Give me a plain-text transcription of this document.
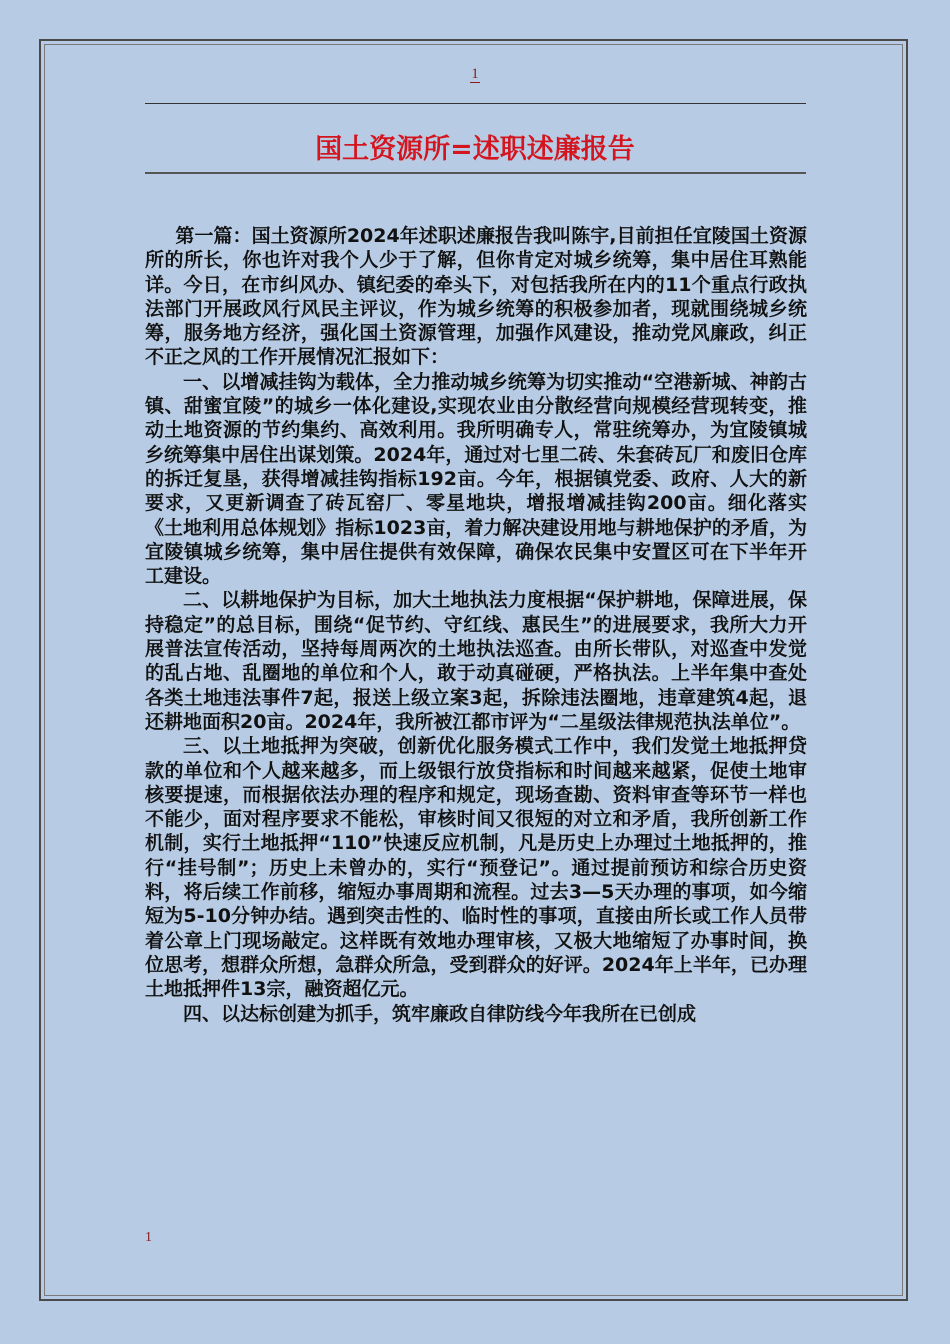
1
国土资源所=述职述廉报告

第一篇：国土资源所2024年述职述廉报告我叫陈宇,目前担任宜陵国土资源所的所长，你也许对我个人少于了解，但你肯定对城乡统筹，集中居住耳熟能详。今日，在市纠风办、镇纪委的牵头下，对包括我所在内的11个重点行政执法部门开展政风行风民主评议，作为城乡统筹的积极参加者，现就围绕城乡统筹，服务地方经济，强化国土资源管理，加强作风建设，推动党风廉政，纠正不正之风的工作开展情况汇报如下：

一、以增减挂钩为载体，全力推动城乡统筹为切实推动“空港新城、神韵古镇、甜蜜宜陵”的城乡一体化建设,实现农业由分散经营向规模经营现转变，推动土地资源的节约集约、高效利用。我所明确专人，常驻统筹办，为宜陵镇城乡统筹集中居住出谋划策。2024年，通过对七里二砖、朱套砖瓦厂和废旧仓库的拆迁复垦，获得增减挂钩指标192亩。今年，根据镇党委、政府、人大的新要求，又更新调查了砖瓦窑厂、零星地块，增报增减挂钩200亩。细化落实《土地利用总体规划》指标1023亩，着力解决建设用地与耕地保护的矛盾，为宜陵镇城乡统筹，集中居住提供有效保障，确保农民集中安置区可在下半年开工建设。

二、以耕地保护为目标，加大土地执法力度根据“保护耕地，保障进展，保持稳定”的总目标，围绕“促节约、守红线、惠民生”的进展要求，我所大力开展普法宣传活动，坚持每周两次的土地执法巡查。由所长带队，对巡查中发觉的乱占地、乱圈地的单位和个人，敢于动真碰硬，严格执法。上半年集中查处各类土地违法事件7起，报送上级立案3起，拆除违法圈地，违章建筑4起，退还耕地面积20亩。2024年，我所被江都市评为“二星级法律规范执法单位”。

三、以土地抵押为突破，创新优化服务模式工作中，我们发觉土地抵押贷款的单位和个人越来越多，而上级银行放贷指标和时间越来越紧，促使土地审核要提速，而根据依法办理的程序和规定，现场查勘、资料审查等环节一样也不能少，面对程序要求不能松，审核时间又很短的对立和矛盾，我所创新工作机制，实行土地抵押“110”快速反应机制，凡是历史上办理过土地抵押的，推行“挂号制”；历史上未曾办的，实行“预登记”。通过提前预访和综合历史资料，将后续工作前移，缩短办事周期和流程。过去3—5天办理的事项，如今缩短为5-10分钟办结。遇到突击性的、临时性的事项，直接由所长或工作人员带着公章上门现场敲定。这样既有效地办理审核，又极大地缩短了办事时间，换位思考，想群众所想，急群众所急，受到群众的好评。2024年上半年，已办理土地抵押件13宗，融资超亿元。

四、以达标创建为抓手，筑牢廉政自律防线今年我所在已创成

1
